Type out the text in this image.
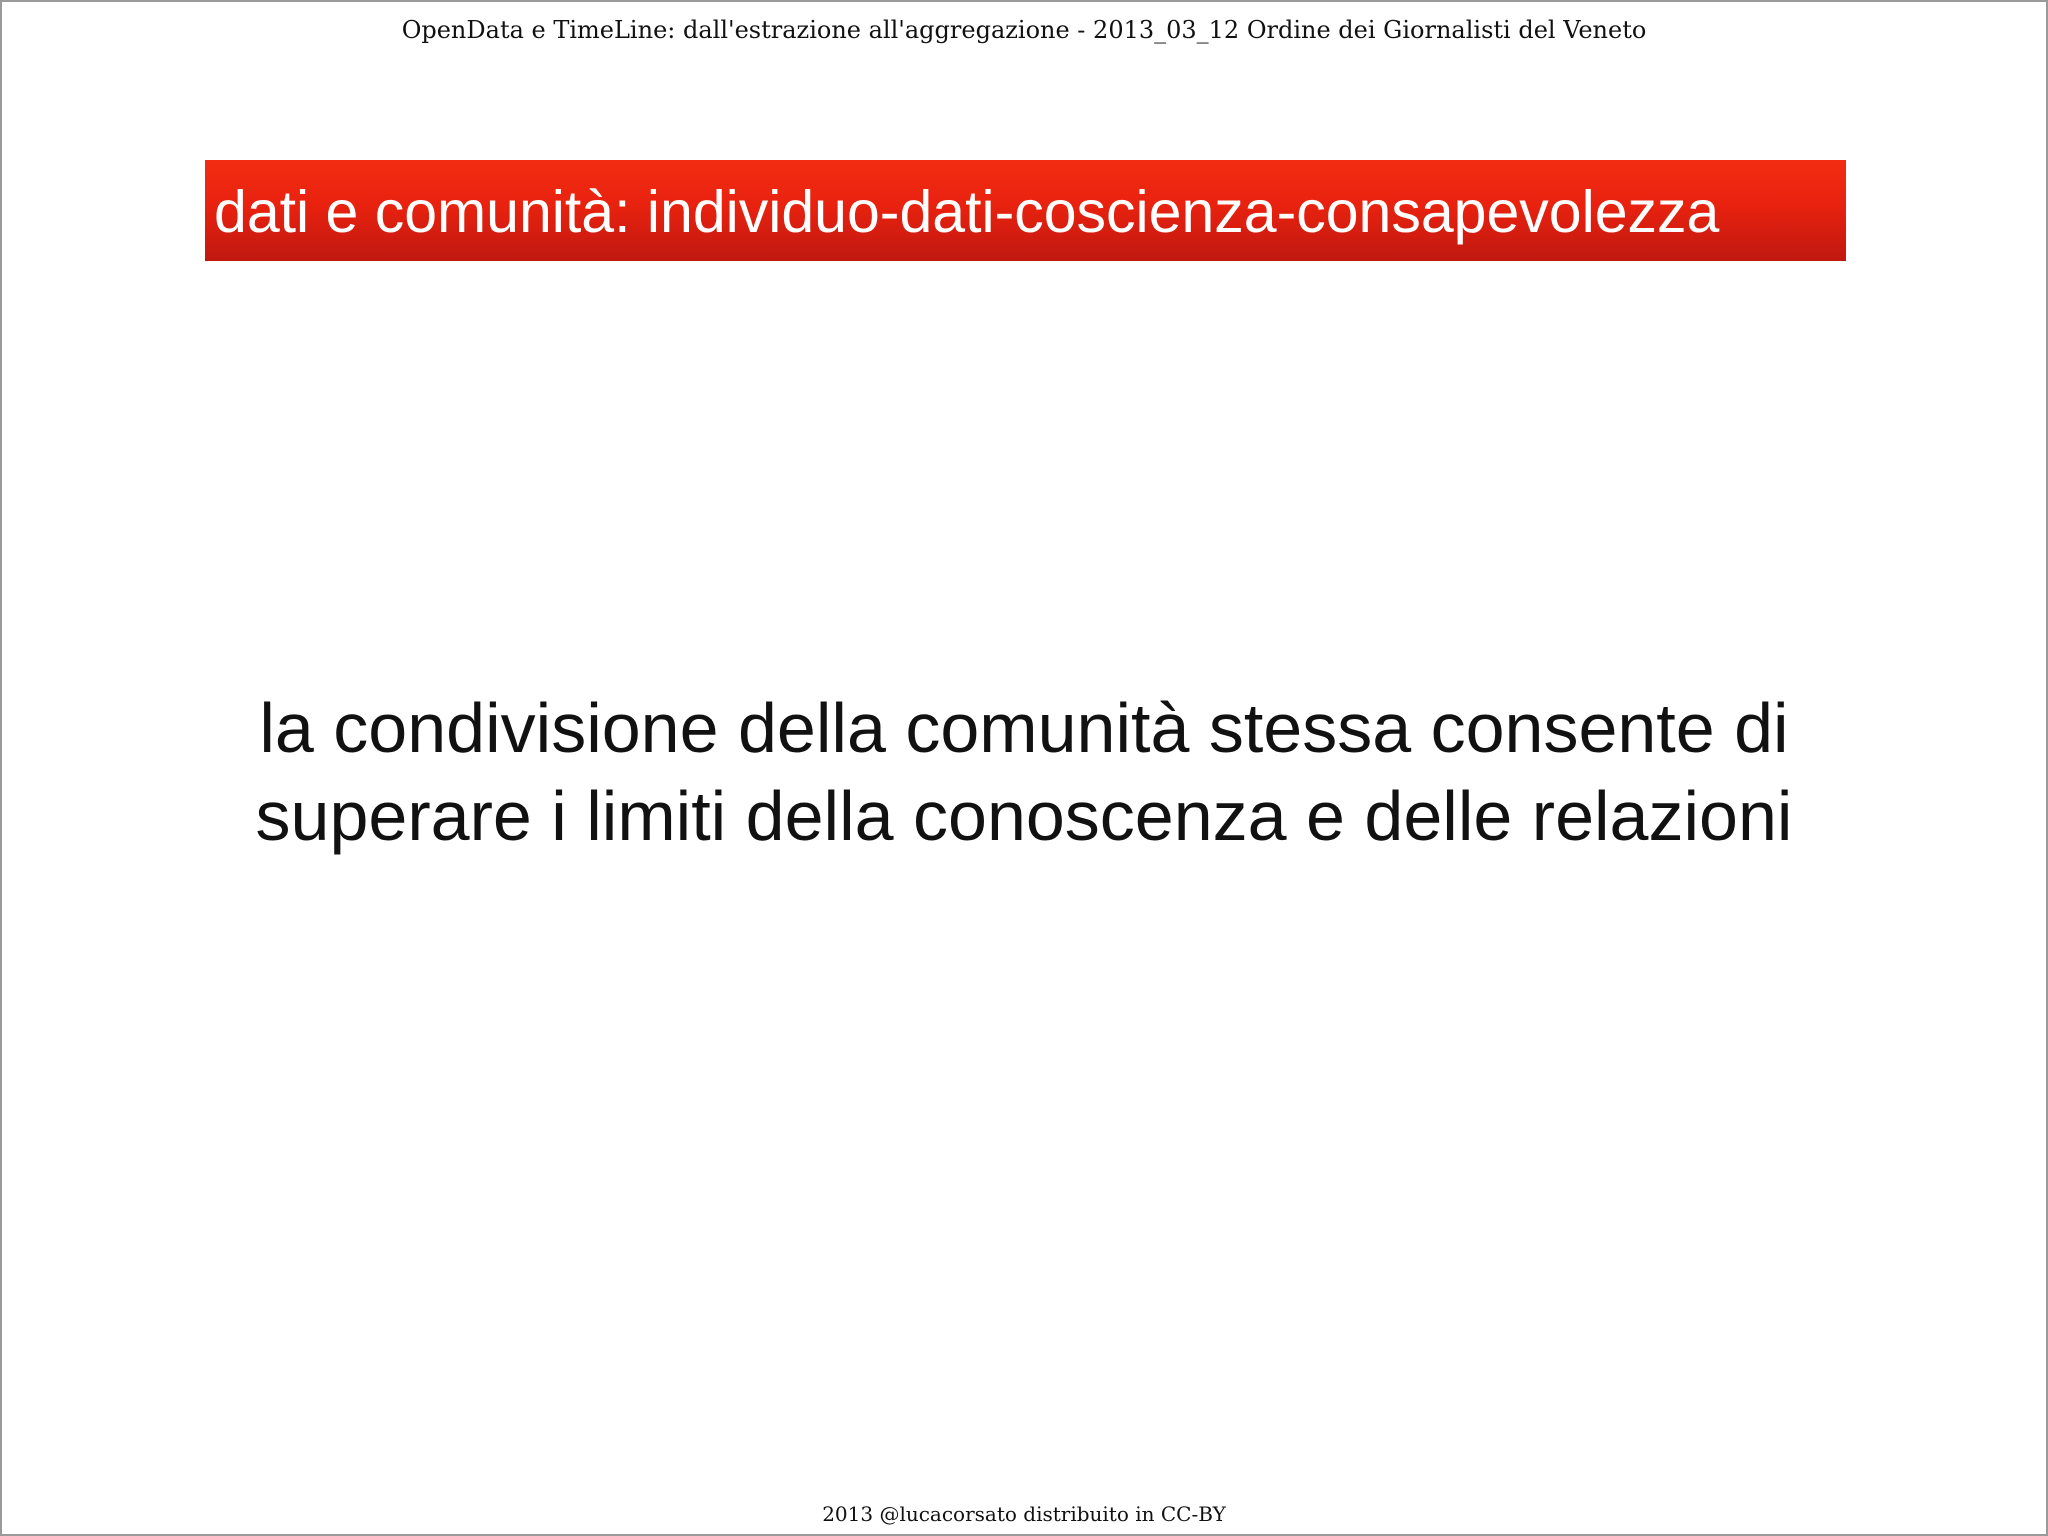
OpenData e TimeLine: dall'estrazione all'aggregazione - 2013_03_12 Ordine dei Giornalisti del Veneto
dati e comunità: individuo-dati-coscienza-consapevolezza
la condivisione della comunità stessa consente di
superare i limiti della conoscenza e delle relazioni
2013 @lucacorsato distribuito in CC-BY
